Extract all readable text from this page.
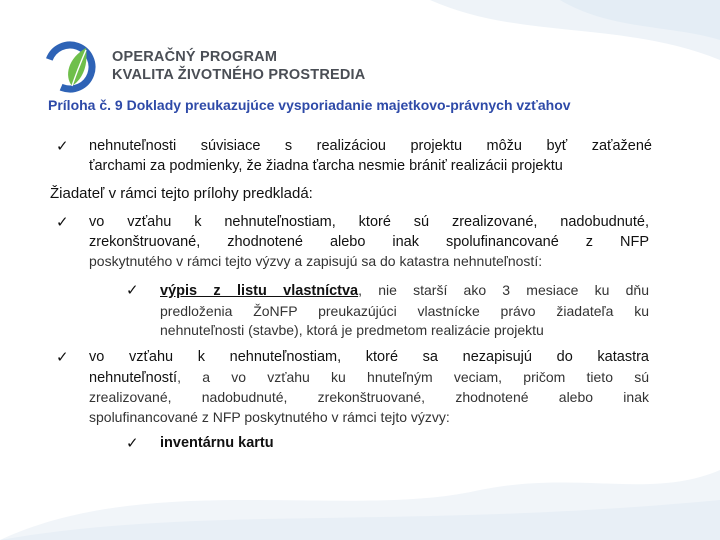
OPERAČNÝ PROGRAM
KVALITA ŽIVOTNÉHO PROSTREDIA
Príloha č. 9 Doklady preukazujúce vysporiadanie majetkovo-právnych vzťahov
✓ nehnuteľnosti súvisiace s realizáciou projektu môžu byť zaťažené
ťarchami za podmienky, že žiadna ťarcha nesmie brániť realizácii projektu
Žiadateľ v rámci tejto prílohy predkladá:
✓ vo vzťahu k nehnuteľnostiam, ktoré sú zrealizované, nadobudnuté,
zrekonštruované, zhodnotené alebo inak spolufinancované z NFP
poskytnutého v rámci tejto výzvy a zapisujú sa do katastra nehnuteľností:
✓ výpis z listu vlastníctva, nie starší ako 3 mesiace ku dňu
predloženia ŽoNFP preukazújúci vlastnícke právo žiadateľa ku
nehnuteľnosti (stavbe), ktorá je predmetom realizácie projektu
✓ vo vzťahu k nehnuteľnostiam, ktoré sa nezapisujú do katastra
nehnuteľností, a vo vzťahu ku hnuteľným veciam, pričom tieto sú
zrealizované, nadobudnuté, zrekonštruované, zhodnotené alebo inak
spolufinancované z NFP poskytnutého v rámci tejto výzvy:
✓ inventárnu kartu
